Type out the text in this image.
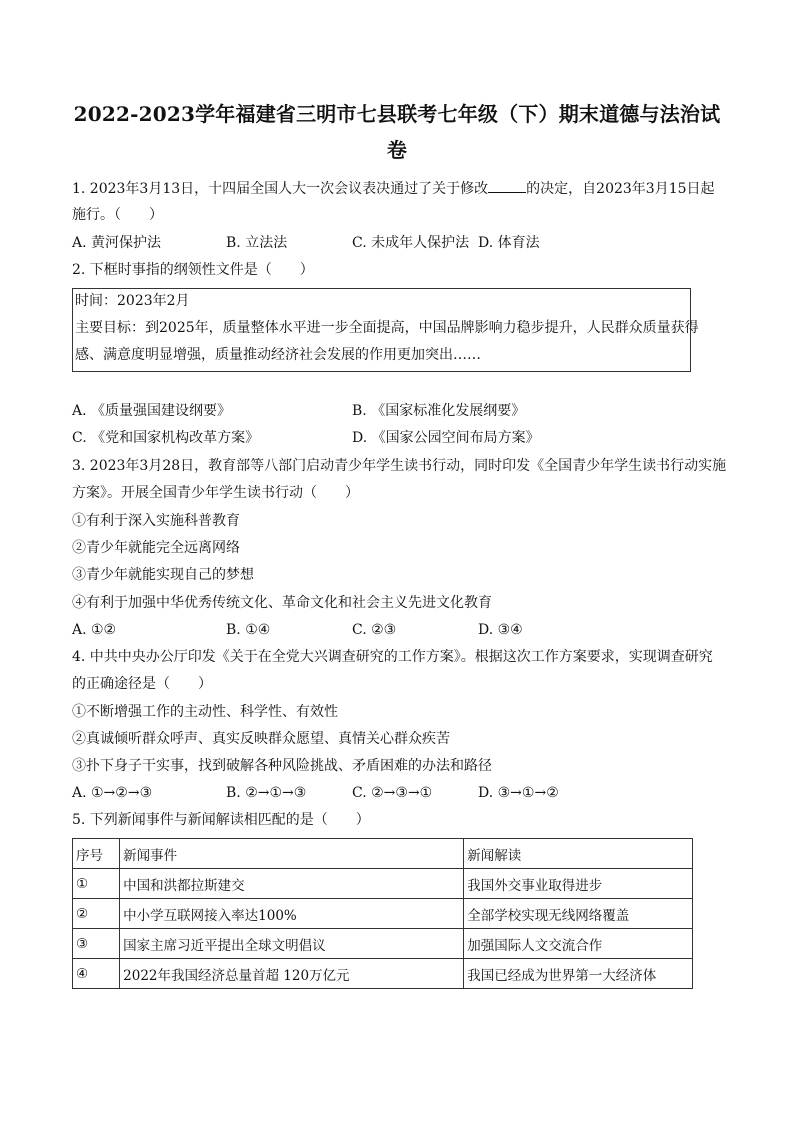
2022-2023学年福建省三明市七县联考七年级（下）期末道德与法治试
卷
1. 2023年3月13日，十四届全国人大一次会议表决通过了关于修改	的决定，自2023年3月15日起
施行。（　　）
A. 黄河保护法	B. 立法法	C. 未成年人保护法 D. 体育法
2. 下框时事指的纲领性文件是（　　）
时间：2023年2月
主要目标：到2025年，质量整体水平进一步全面提高，中国品牌影响力稳步提升，人民群众质量获得
感、满意度明显增强，质量推动经济社会发展的作用更加突出……
A. 《质量强国建设纲要》	B. 《国家标准化发展纲要》
C. 《党和国家机构改革方案》	D. 《国家公园空间布局方案》
3. 2023年3月28日，教育部等八部门启动青少年学生读书行动，同时印发《全国青少年学生读书行动实施
方案》。开展全国青少年学生读书行动（　　）
①有利于深入实施科普教育
②青少年就能完全远离网络
③青少年就能实现自己的梦想
④有利于加强中华优秀传统文化、革命文化和社会主义先进文化教育
A. ①②	B. ①④	C. ②③	D. ③④
4. 中共中央办公厅印发《关于在全党大兴调查研究的工作方案》。根据这次工作方案要求，实现调查研究
的正确途径是（　　）
①不断增强工作的主动性、科学性、有效性
②真诚倾听群众呼声、真实反映群众愿望、真情关心群众疾苦
③扑下身子干实事，找到破解各种风险挑战、矛盾困难的办法和路径
A. ①→②→③	B. ②→①→③	C. ②→③→①	D. ③→①→②
5. 下列新闻事件与新闻解读相匹配的是（　　）
序号	新闻事件	新闻解读
①	中国和洪都拉斯建交	我国外交事业取得进步
②	中小学互联网接入率达100%	全部学校实现无线网络覆盖
③	国家主席习近平提出全球文明倡议	加强国际人文交流合作
④	2022年我国经济总量首超 120万亿元	我国已经成为世界第一大经济体
